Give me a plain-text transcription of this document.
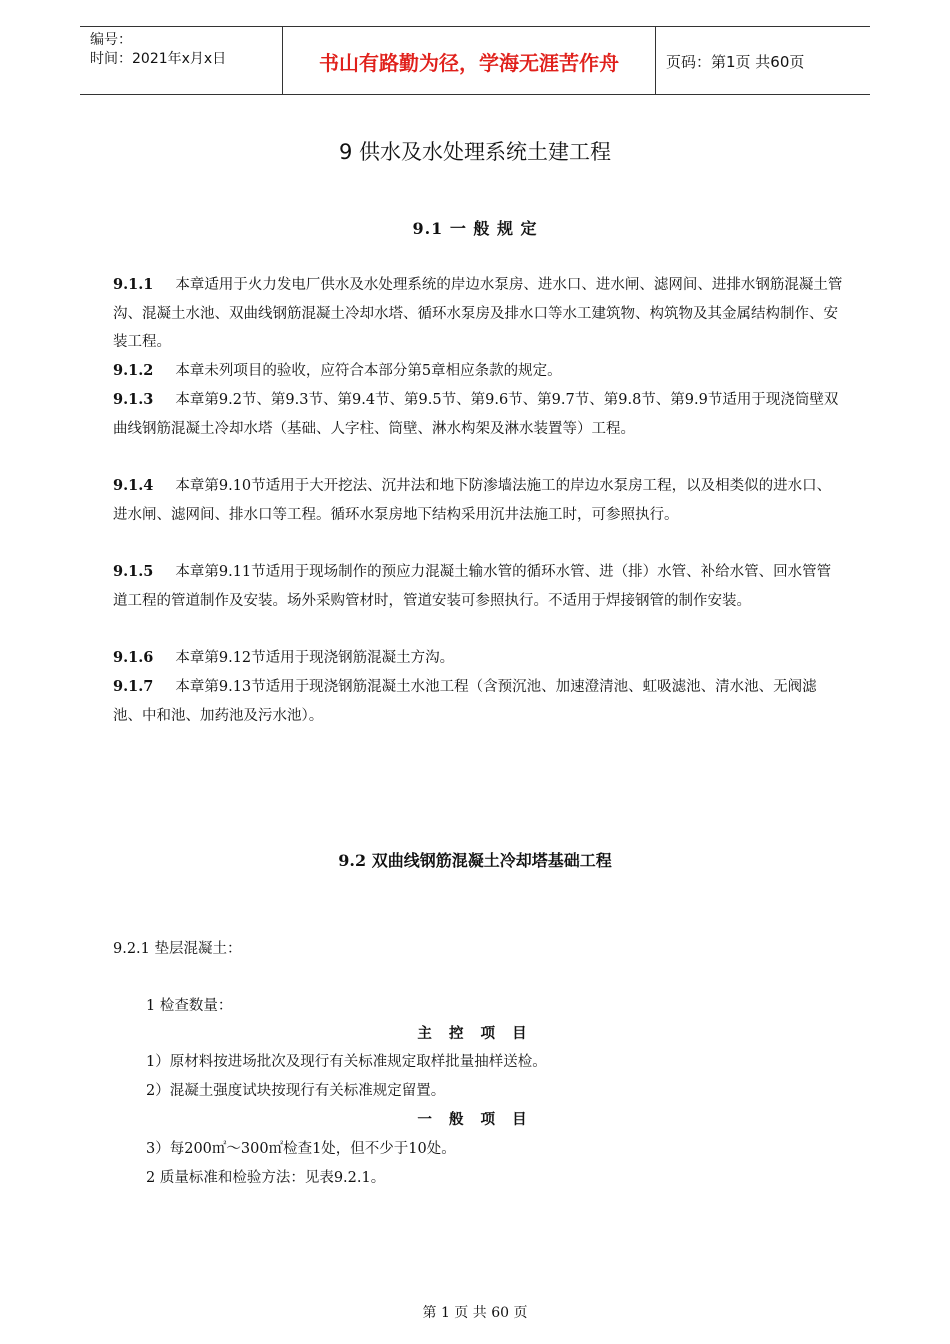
编号：
时间：2021年x月x日	书山有路勤为径，学海无涯苦作舟	页码：第1页 共60页
9 供水及水处理系统土建工程
9.1 一 般 规 定
9.1.1 本章适用于火力发电厂供水及水处理系统的岸边水泵房、进水口、进水闸、滤网间、进排水钢筋混凝土管沟、混凝土水池、双曲线钢筋混凝土冷却水塔、循环水泵房及排水口等水工建筑物、构筑物及其金属结构制作、安装工程。
9.1.2 本章未列项目的验收，应符合本部分第5章相应条款的规定。
9.1.3 本章第9.2节、第9.3节、第9.4节、第9.5节、第9.6节、第9.7节、第9.8节、第9.9节适用于现浇筒壁双曲线钢筋混凝土冷却水塔（基础、人字柱、筒壁、淋水构架及淋水装置等）工程。
9.1.4 本章第9.10节适用于大开挖法、沉井法和地下防渗墙法施工的岸边水泵房工程，以及相类似的进水口、进水闸、滤网间、排水口等工程。循环水泵房地下结构采用沉井法施工时，可参照执行。
9.1.5 本章第9.11节适用于现场制作的预应力混凝土输水管的循环水管、进（排）水管、补给水管、回水管管道工程的管道制作及安装。场外采购管材时，管道安装可参照执行。不适用于焊接钢管的制作安装。
9.1.6 本章第9.12节适用于现浇钢筋混凝土方沟。
9.1.7 本章第9.13节适用于现浇钢筋混凝土水池工程（含预沉池、加速澄清池、虹吸滤池、清水池、无阀滤池、中和池、加药池及污水池）。
9.2 双曲线钢筋混凝土冷却塔基础工程
9.2.1 垫层混凝土：
1 检查数量：
主 控 项 目
1）原材料按进场批次及现行有关标准规定取样批量抽样送检。
2）混凝土强度试块按现行有关标准规定留置。
一 般 项 目
3）每200㎡～300㎡检查1处，但不少于10处。
2 质量标准和检验方法：见表9.2.1。
第 1 页 共 60 页
